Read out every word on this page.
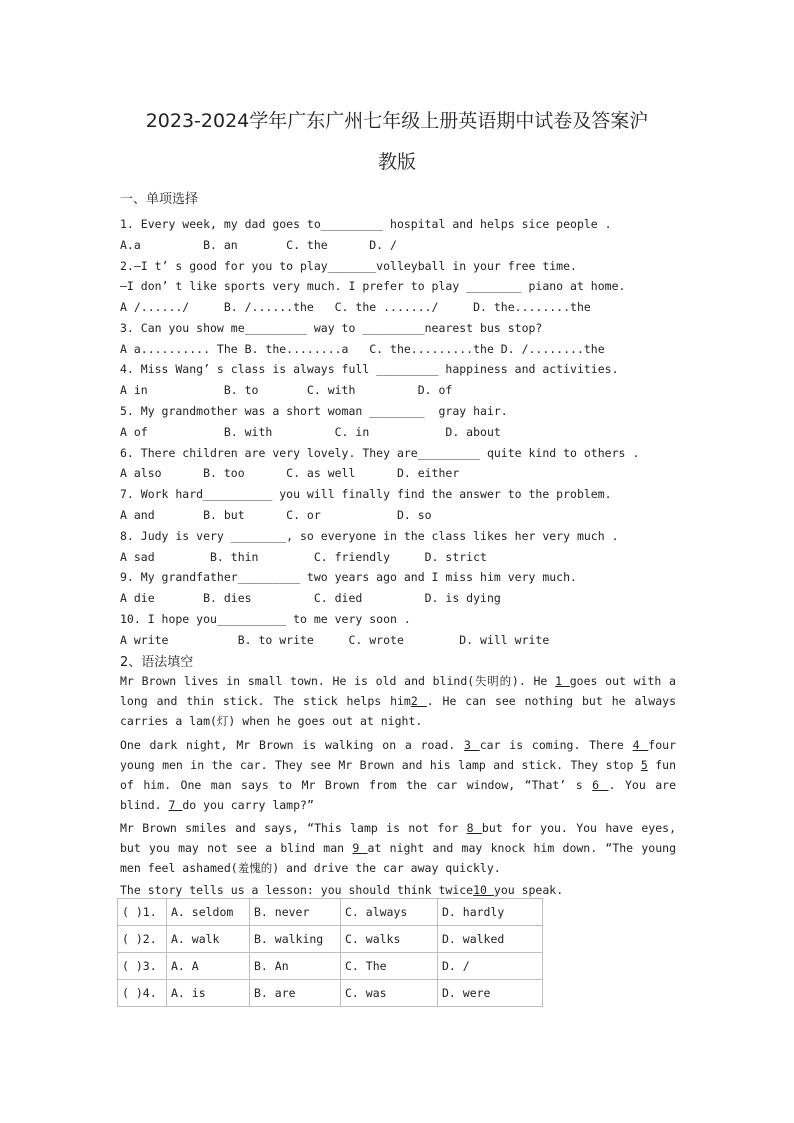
2023-2024学年广东广州七年级上册英语期中试卷及答案沪
教版
一、单项选择
1. Every week, my dad goes to_________ hospital and helps sice people .
A.a         B. an       C. the      D. /
2.—I t’ s good for you to play_______volleyball in your free time.
—I don’ t like sports very much. I prefer to play ________ piano at home.
A /....../     B. /......the   C. the ......./     D. the........the
3. Can you show me_________ way to _________nearest bus stop?
A a.......... The B. the........a   C. the.........the D. /........the
4. Miss Wang’ s class is always full _________ happiness and activities.
A in           B. to       C. with         D. of
5. My grandmother was a short woman ________  gray hair.
A of           B. with         C. in           D. about
6. There children are very lovely. They are_________ quite kind to others .
A also      B. too      C. as well      D. either
7. Work hard__________ you will finally find the answer to the problem.
A and       B. but      C. or           D. so
8. Judy is very ________, so everyone in the class likes her very much .
A sad        B. thin        C. friendly     D. strict
9. My grandfather_________ two years ago and I miss him very much.
A die       B. dies         C. died         D. is dying
10. I hope you__________ to me very soon .
A write          B. to write     C. wrote        D. will write
2、语法填空
Mr Brown lives in small town. He is old and blind(失明的). He 1 goes out with a long and thin stick. The stick helps him2 . He can see nothing but he always carries a lam(灯) when he goes out at night.
One dark night, Mr Brown is walking on a road. 3 car is coming. There 4 four young men in the car. They see Mr Brown and his lamp and stick. They stop 5 fun of him. One man says to Mr Brown from the car window, “That’ s 6 . You are blind. 7 do you carry lamp?”
Mr Brown smiles and says, “This lamp is not for 8 but for you. You have eyes, but you may not see a blind man 9 at night and may knock him down. “The young men feel ashamed(羞愧的) and drive the car away quickly.
The story tells us a lesson: you should think twice10 you speak.
( )1.	A. seldom	B. never	C. always	D. hardly
( )2.	A. walk	B. walking	C. walks	D. walked
( )3.	A. A	B. An	C. The	D. /
( )4.	A. is	B. are	C. was	D. were
